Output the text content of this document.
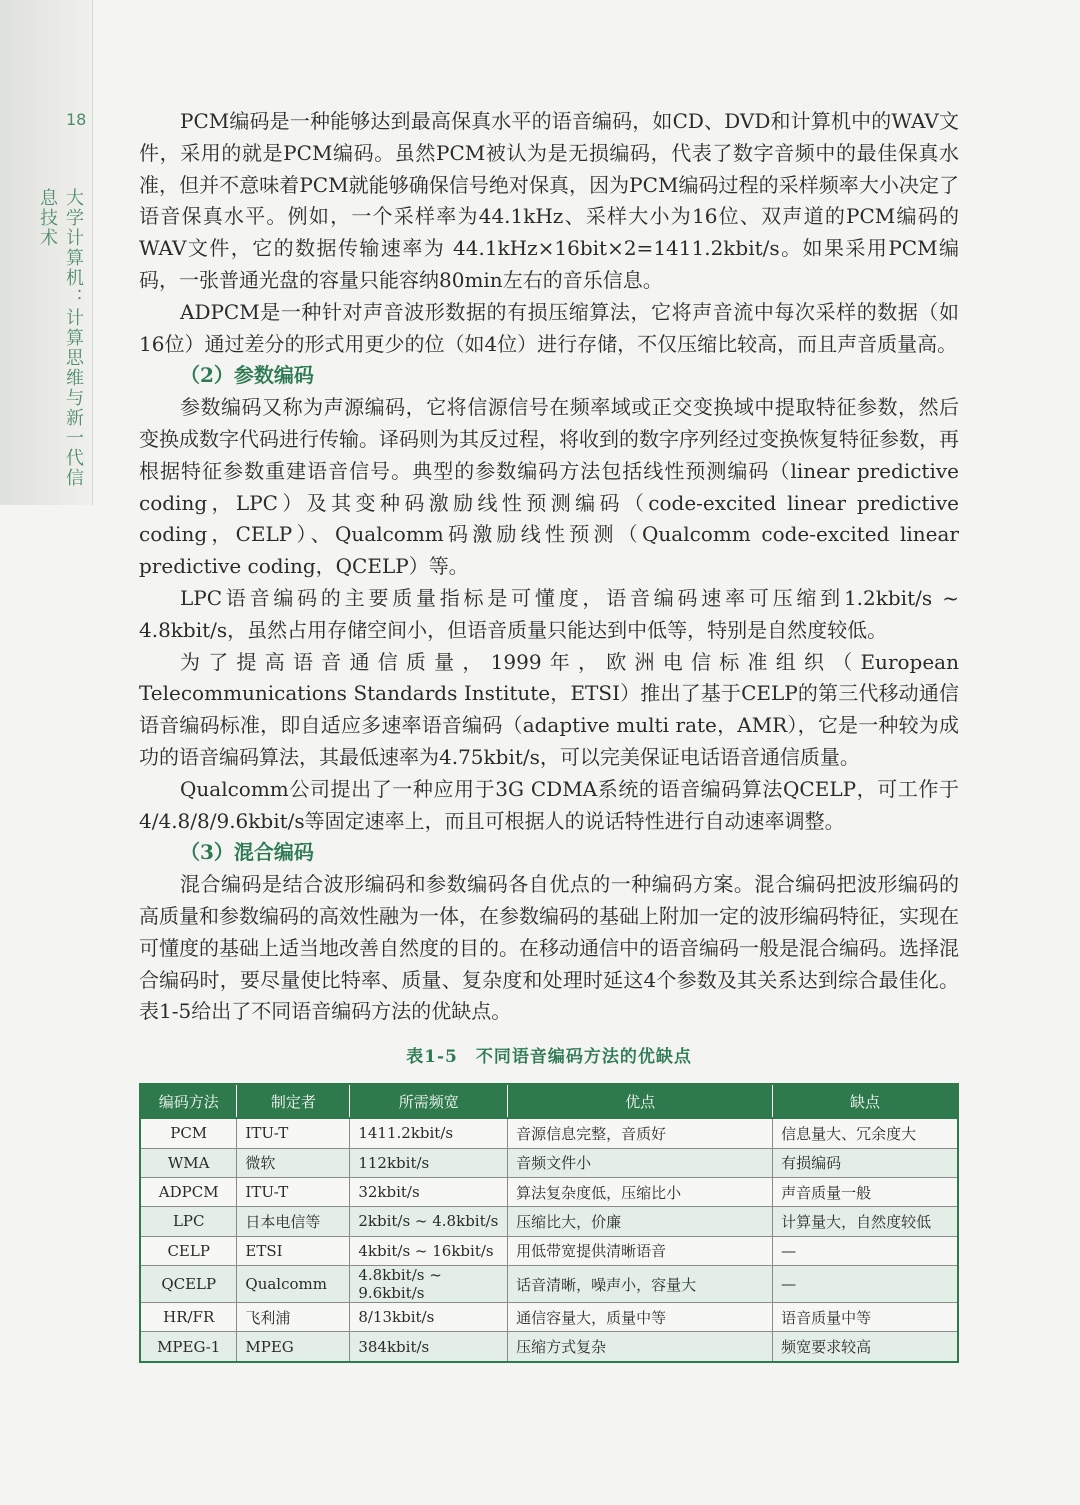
18
大学计算机：计算思维与新一代信息技术

PCM编码是一种能够达到最高保真水平的语音编码，如CD、DVD和计算机中的WAV文件，采用的就是PCM编码。虽然PCM被认为是无损编码，代表了数字音频中的最佳保真水准，但并不意味着PCM就能够确保信号绝对保真，因为PCM编码过程的采样频率大小决定了语音保真水平。例如，一个采样率为44.1kHz、采样大小为16位、双声道的PCM编码的WAV文件，它的数据传输速率为 44.1kHz×16bit×2=1411.2kbit/s。如果采用PCM编码，一张普通光盘的容量只能容纳80min左右的音乐信息。

ADPCM是一种针对声音波形数据的有损压缩算法，它将声音流中每次采样的数据（如16位）通过差分的形式用更少的位（如4位）进行存储，不仅压缩比较高，而且声音质量高。

（2）参数编码

参数编码又称为声源编码，它将信源信号在频率域或正交变换域中提取特征参数，然后变换成数字代码进行传输。译码则为其反过程，将收到的数字序列经过变换恢复特征参数，再根据特征参数重建语音信号。典型的参数编码方法包括线性预测编码（linear predictive coding，LPC）及其变种码激励线性预测编码（code-excited linear predictive coding，CELP）、Qualcomm码激励线性预测（Qualcomm code-excited linear predictive coding，QCELP）等。

LPC语音编码的主要质量指标是可懂度，语音编码速率可压缩到1.2kbit/s ~ 4.8kbit/s，虽然占用存储空间小，但语音质量只能达到中低等，特别是自然度较低。

为了提高语音通信质量，1999年，欧洲电信标准组织（European Telecommunications Standards Institute，ETSI）推出了基于CELP的第三代移动通信语音编码标准，即自适应多速率语音编码（adaptive multi rate，AMR），它是一种较为成功的语音编码算法，其最低速率为4.75kbit/s，可以完美保证电话语音通信质量。

Qualcomm公司提出了一种应用于3G CDMA系统的语音编码算法QCELP，可工作于4/4.8/8/9.6kbit/s等固定速率上，而且可根据人的说话特性进行自动速率调整。

（3）混合编码

混合编码是结合波形编码和参数编码各自优点的一种编码方案。混合编码把波形编码的高质量和参数编码的高效性融为一体，在参数编码的基础上附加一定的波形编码特征，实现在可懂度的基础上适当地改善自然度的目的。在移动通信中的语音编码一般是混合编码。选择混合编码时，要尽量使比特率、质量、复杂度和处理时延这4个参数及其关系达到综合最佳化。表1-5给出了不同语音编码方法的优缺点。

表1-5　不同语音编码方法的优缺点
编码方法	制定者	所需频宽	优点	缺点
PCM	ITU-T	1411.2kbit/s	音源信息完整，音质好	信息量大、冗余度大
WMA	微软	112kbit/s	音频文件小	有损编码
ADPCM	ITU-T	32kbit/s	算法复杂度低，压缩比小	声音质量一般
LPC	日本电信等	2kbit/s ~ 4.8kbit/s	压缩比大，价廉	计算量大，自然度较低
CELP	ETSI	4kbit/s ~ 16kbit/s	用低带宽提供清晰语音	—
QCELP	Qualcomm	4.8kbit/s ~ 9.6kbit/s	话音清晰，噪声小，容量大	—
HR/FR	飞利浦	8/13kbit/s	通信容量大，质量中等	语音质量中等
MPEG-1	MPEG	384kbit/s	压缩方式复杂	频宽要求较高
